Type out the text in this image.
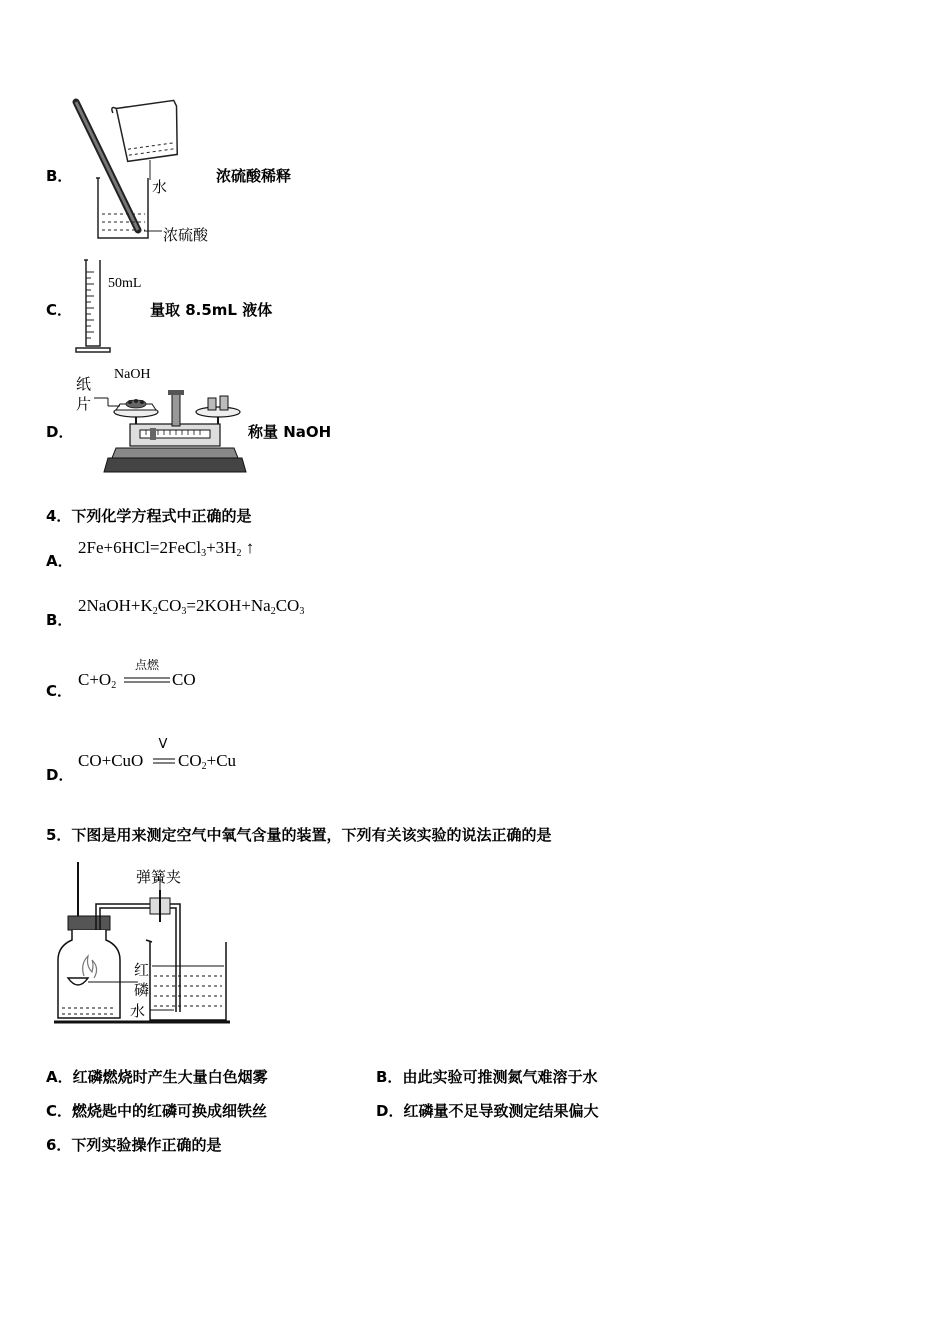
B．
水
浓硫酸
浓硫酸稀释
C．
50mL
量取 8.5mL 液体
D．
纸
片
NaOH
称量 NaOH
4．下列化学方程式中正确的是
A．
$2Fe+6HCl=2FeCl_3+3H_2$ ↑
B．
$2NaOH+K_2CO_3=2KOH+Na_2CO_3$
C．
$C+O_2$
点燃
CO
D．
CO+CuO
V
$CO_2+Cu$
5．下图是用来测定空气中氧气含量的装置，下列有关该实验的说法正确的是
弹簧夹
红
磷
水
A．红磷燃烧时产生大量白色烟雾	B．由此实验可推测氮气难溶于水
C．燃烧匙中的红磷可换成细铁丝	D．红磷量不足导致测定结果偏大
6．下列实验操作正确的是
